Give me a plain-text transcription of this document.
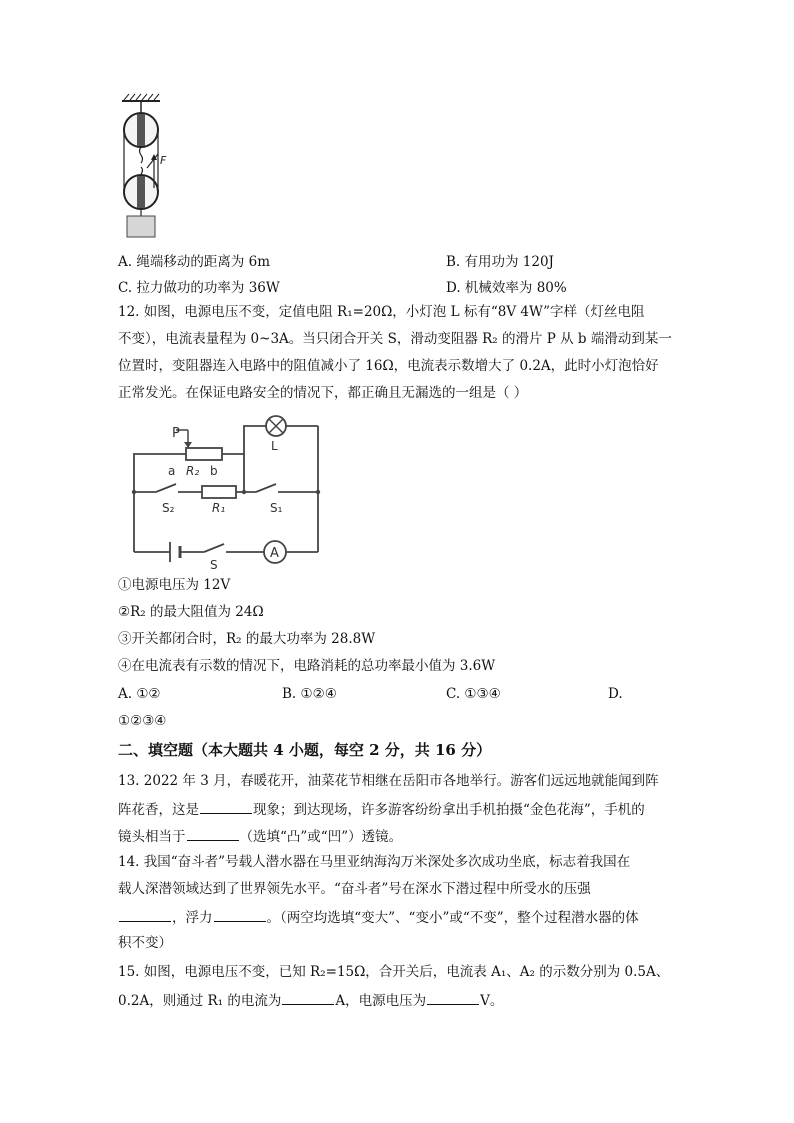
F
A. 绳端移动的距离为 6m	B. 有用功为 120J
C. 拉力做功的功率为 36W	D. 机械效率为 80%
12. 如图，电源电压不变，定值电阻 R₁=20Ω，小灯泡 L 标有“8V 4W”字样（灯丝电阻
不变），电流表量程为 0~3A。当只闭合开关 S，滑动变阻器 R₂ 的滑片 P 从 b 端滑动到某一
位置时，变阻器连入电路中的阻值减小了 16Ω，电流表示数增大了 0.2A，此时小灯泡恰好
正常发光。在保证电路安全的情况下，都正确且无漏选的一组是（ ）
P
a R₂ b
L
S₂	R₁	S₁
S
A
①电源电压为 12V
②R₂ 的最大阻值为 24Ω
③开关都闭合时，R₂ 的最大功率为 28.8W
④在电流表有示数的情况下，电路消耗的总功率最小值为 3.6W
A. ①②	B. ①②④	C. ①③④	D.
①②③④
二、填空题（本大题共 4 小题，每空 2 分，共 16 分）
13. 2022 年 3 月，春暖花开，油菜花节相继在岳阳市各地举行。游客们远远地就能闻到阵
阵花香，这是	现象；到达现场，许多游客纷纷拿出手机拍摄“金色花海”，手机的
镜头相当于	（选填“凸”或“凹”）透镜。
14. 我国“奋斗者”号载人潜水器在马里亚纳海沟万米深处多次成功坐底，标志着我国在
载人深潜领域达到了世界领先水平。“奋斗者”号在深水下潜过程中所受水的压强
，浮力	。（两空均选填“变大”、“变小”或“不变”，整个过程潜水器的体
积不变）
15. 如图，电源电压不变，已知 R₂=15Ω，合开关后，电流表 A₁、A₂ 的示数分别为 0.5A、
0.2A，则通过 R₁ 的电流为	A，电源电压为	V。
